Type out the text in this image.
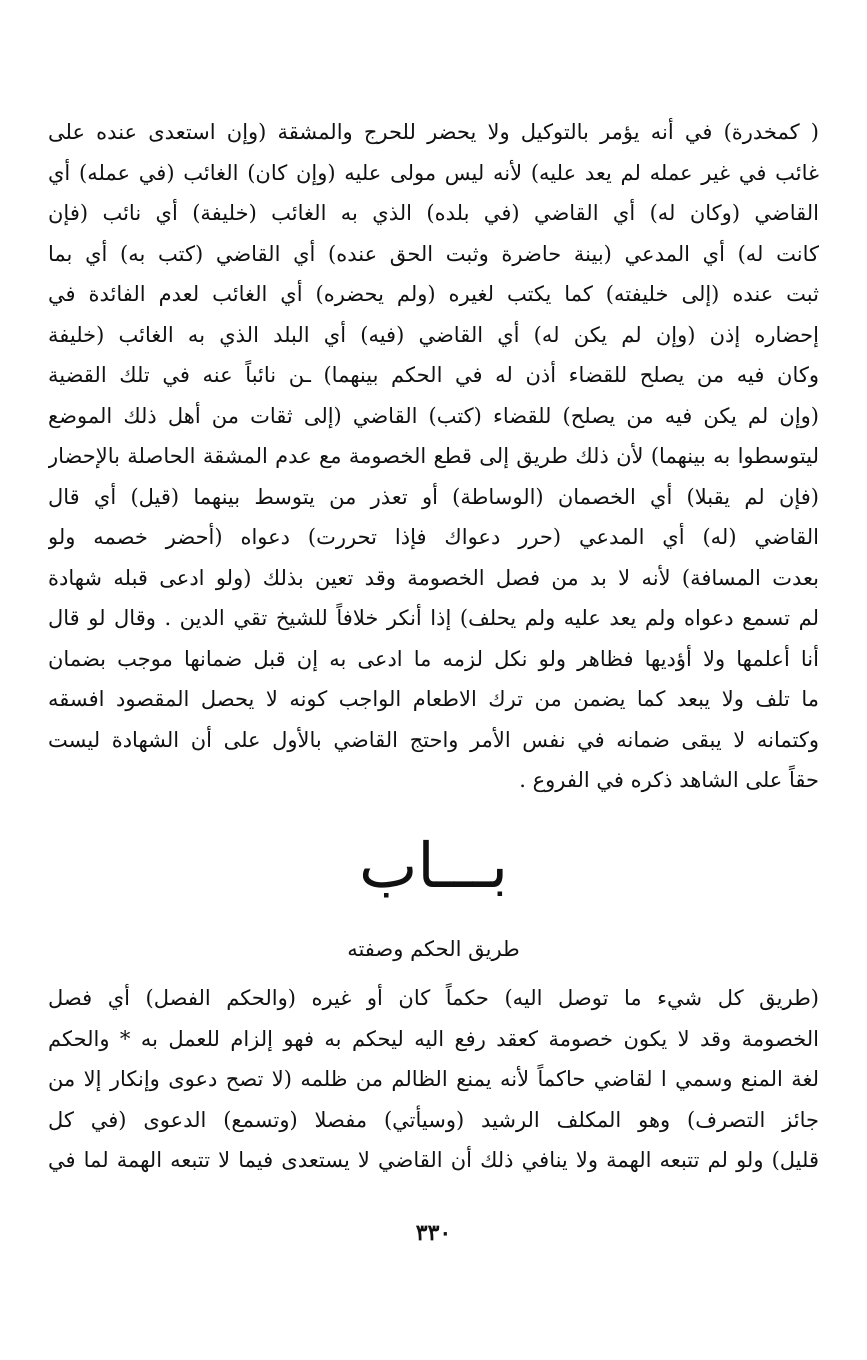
( كمخدرة) في أنه يؤمر بالتوكيل ولا يحضر للحرج والمشقة (وإن استعدى عنده على
غائب في غير عمله لم يعد عليه) لأنه ليس مولى عليه (وإن كان) الغائب (في عمله) أي
القاضي (وكان له) أي القاضي (في بلده) الذي به الغائب (خليفة) أي نائب (فإن
كانت له) أي المدعي (بينة حاضرة وثبت الحق عنده) أي القاضي (كتب به) أي بما
ثبت عنده (إلى خليفته) كما يكتب لغيره (ولم يحضره) أي الغائب لعدم الفائدة في
إحضاره إذن (وإن لم يكن له) أي القاضي (فيه) أي البلد الذي به الغائب (خليفة
وكان فيه من يصلح للقضاء أذن له في الحكم بينهما) ـن نائباً عنه في تلك القضية
(وإن لم يكن فيه من يصلح) للقضاء (كتب) القاضي (إلى ثقات من أهل ذلك الموضع
ليتوسطوا به بينهما) لأن ذلك طريق إلى قطع الخصومة مع عدم المشقة الحاصلة بالإحضار
(فإن لم يقبلا) أي الخصمان (الوساطة) أو تعذر من يتوسط بينهما (قيل) أي قال
القاضي (له) أي المدعي (حرر دعواك فإذا تحررت) دعواه (أحضر خصمه ولو
بعدت المسافة) لأنه لا بد من فصل الخصومة وقد تعين بذلك (ولو ادعى قبله شهادة
لم تسمع دعواه ولم يعد عليه ولم يحلف) إذا أنكر خلافاً للشيخ تقي الدين . وقال لو قال
أنا أعلمها ولا أؤديها فظاهر ولو نكل لزمه ما ادعى به إن قبل ضمانها موجب بضمان
ما تلف ولا يبعد كما يضمن من ترك الاطعام الواجب كونه لا يحصل المقصود افسقه
وكتمانه لا يبقى ضمانه في نفس الأمر واحتج القاضي بالأول على أن الشهادة ليست
حقاً على الشاهد ذكره في الفروع .
بـــاب
طريق الحكم وصفته
(طريق كل شيء ما توصل اليه) حكماً كان أو غيره (والحكم الفصل) أي فصل
الخصومة وقد لا يكون خصومة كعقد رفع اليه ليحكم به فهو إلزام للعمل به * والحكم
لغة المنع وسمي ا لقاضي حاكماً لأنه يمنع الظالم من ظلمه (لا تصح دعوى وإنكار إلا من
جائز التصرف) وهو المكلف الرشيد (وسيأتي) مفصلا (وتسمع) الدعوى (في كل
قليل) ولو لم تتبعه الهمة ولا ينافي ذلك أن القاضي لا يستعدى فيما لا تتبعه الهمة لما في
٣٣٠
